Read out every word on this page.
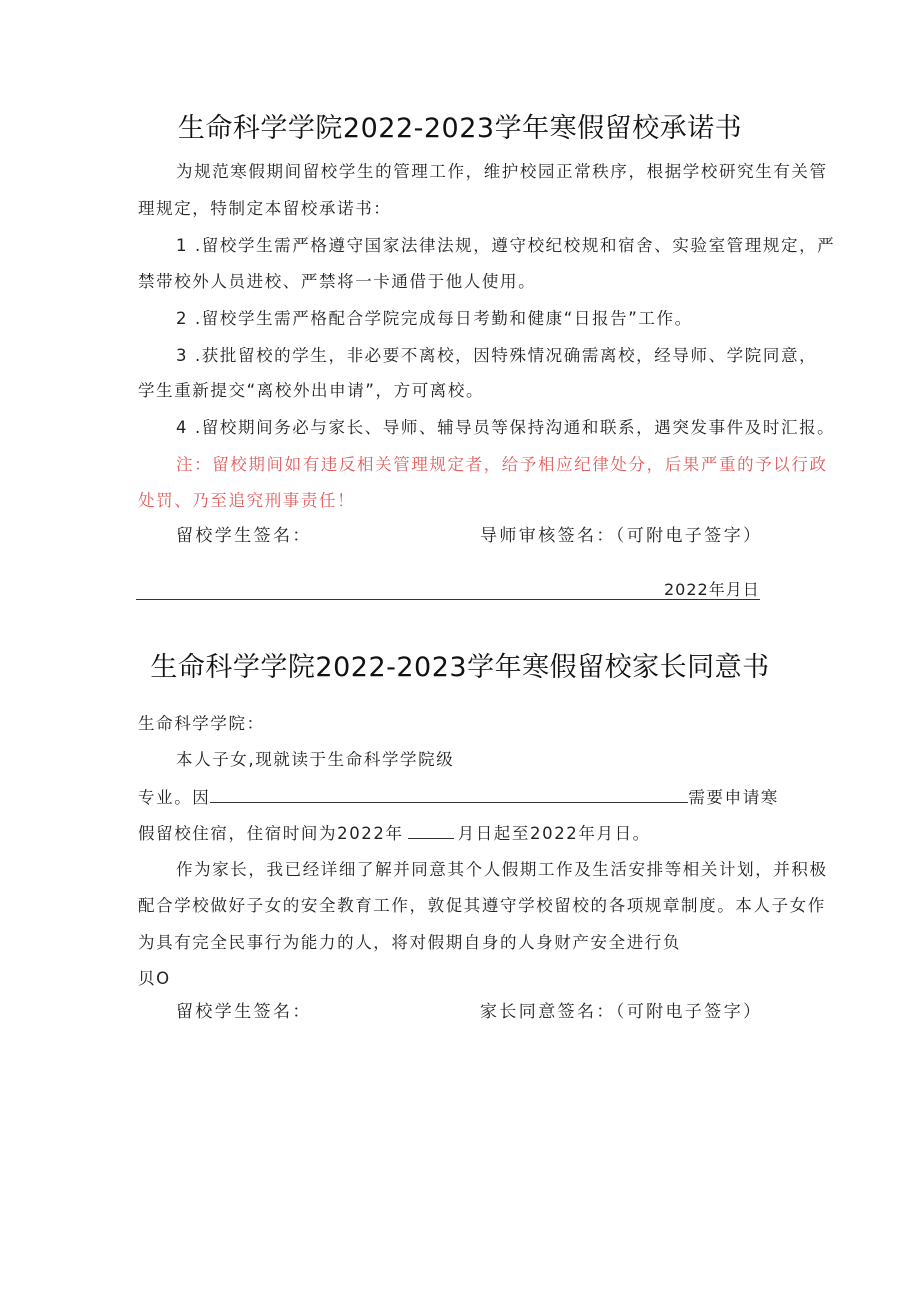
生命科学学院2022-2023学年寒假留校承诺书
为规范寒假期间留校学生的管理工作，维护校园正常秩序，根据学校研究生有关管
理规定，特制定本留校承诺书：
1 .留校学生需严格遵守国家法律法规，遵守校纪校规和宿舍、实验室管理规定，严
禁带校外人员进校、严禁将一卡通借于他人使用。
2 .留校学生需严格配合学院完成每日考勤和健康“日报告”工作。
3 .获批留校的学生，非必要不离校，因特殊情况确需离校，经导师、学院同意，
学生重新提交“离校外出申请”，方可离校。
4 .留校期间务必与家长、导师、辅导员等保持沟通和联系，遇突发事件及时汇报。
注：留校期间如有违反相关管理规定者，给予相应纪律处分，后果严重的予以行政
处罚、乃至追究刑事责任！
留校学生签名：	导师审核签名：（可附电子签字）
2022年月日
生命科学学院2022-2023学年寒假留校家长同意书
生命科学学院：
本人子女,现就读于生命科学学院级
专业。因	需要申请寒
假留校住宿，住宿时间为2022年	月日起至2022年月日。
作为家长，我已经详细了解并同意其个人假期工作及生活安排等相关计划，并积极
配合学校做好子女的安全教育工作，敦促其遵守学校留校的各项规章制度。本人子女作
为具有完全民事行为能力的人，将对假期自身的人身财产安全进行负
贝O
留校学生签名：	家长同意签名：（可附电子签字）
